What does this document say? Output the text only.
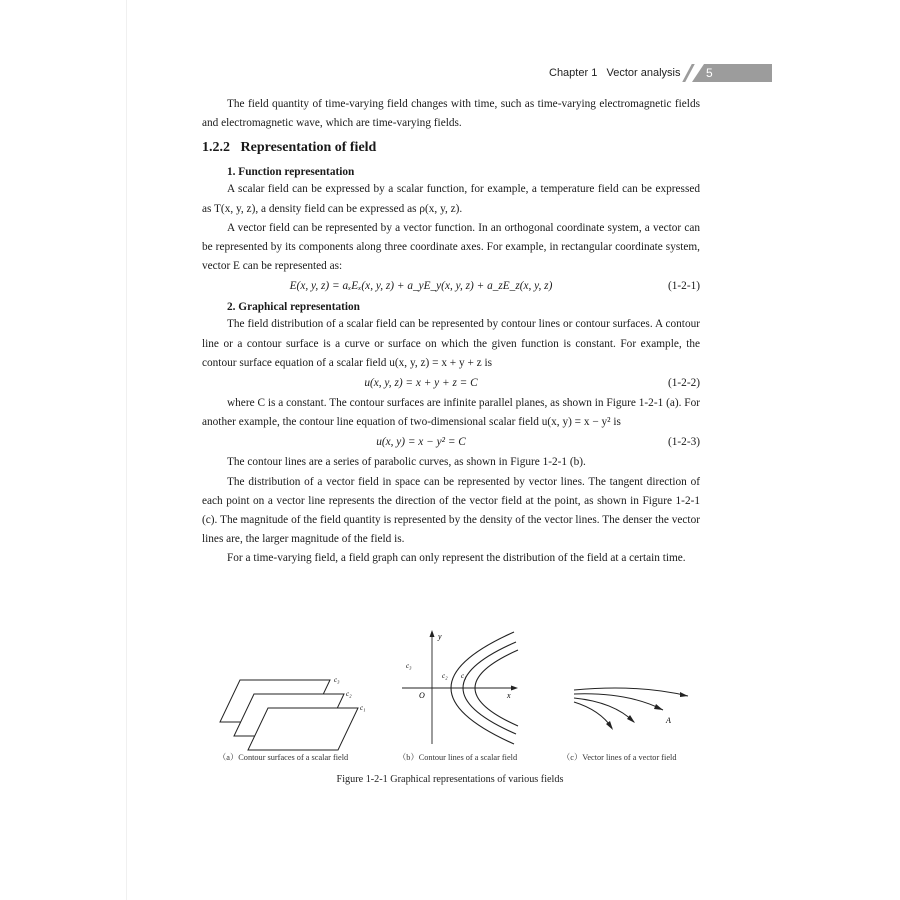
Chapter 1 Vector analysis 5

The field quantity of time-varying field changes with time, such as time-varying electromagnetic fields and electromagnetic wave, which are time-varying fields.

1.2.2 Representation of field
1. Function representation

A scalar field can be expressed by a scalar function, for example, a temperature field can be expressed as T(x, y, z), a density field can be expressed as ρ(x, y, z).

A vector field can be represented by a vector function. In an orthogonal coordinate system, a vector can be represented by its components along three coordinate axes. For example, in rectangular coordinate system, vector E can be represented as:

E(x, y, z) = aₓEₓ(x, y, z) + a_yE_y(x, y, z) + a_zE_z(x, y, z)	(1-2-1)
2. Graphical representation

The field distribution of a scalar field can be represented by contour lines or contour surfaces. A contour line or a contour surface is a curve or surface on which the given function is constant. For example, the contour surface equation of a scalar field u(x, y, z) = x + y + z is

u(x, y, z) = x + y + z = C	(1-2-2)

where C is a constant. The contour surfaces are infinite parallel planes, as shown in Figure 1-2-1 (a). For another example, the contour line equation of two-dimensional scalar field u(x, y) = x − y² is

u(x, y) = x − y² = C	(1-2-3)

The contour lines are a series of parabolic curves, as shown in Figure 1-2-1 (b).

The distribution of a vector field in space can be represented by vector lines. The tangent direction of each point on a vector line represents the direction of the vector field at the point, as shown in Figure 1-2-1 (c). The magnitude of the field quantity is represented by the density of the vector lines. The denser the vector lines are, the larger magnitude of the field is.

For a time-varying field, a field graph can only represent the distribution of the field at a certain time.

c₃
c₂
c₁
y
x
O
c₃
c₂ c₁
A
（a）Contour surfaces of a scalar field	（b）Contour lines of a scalar field	（c）Vector lines of a vector field
Figure 1-2-1 Graphical representations of various fields
